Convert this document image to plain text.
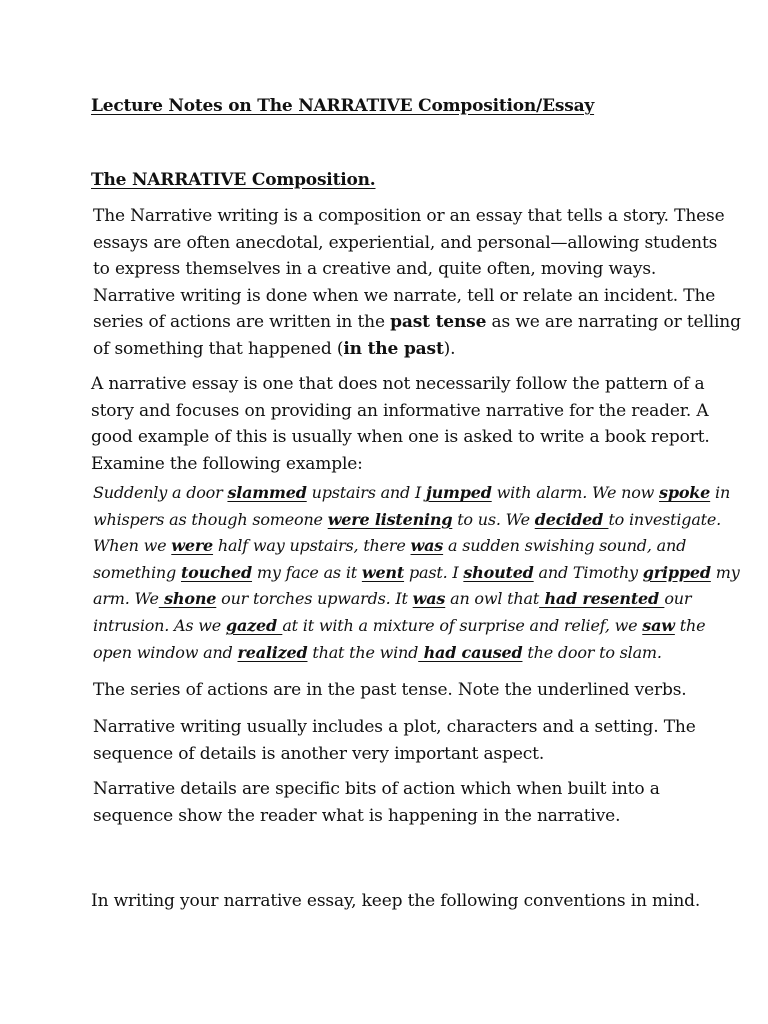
Lecture Notes on The NARRATIVE Composition/Essay
The NARRATIVE Composition.
The Narrative writing is a composition or an essay that tells a story. These
essays are often anecdotal, experiential, and personal—allowing students
to express themselves in a creative and, quite often, moving ways.
Narrative writing is done when we narrate, tell or relate an incident. The
series of actions are written in the past tense as we are narrating or telling
of something that happened (in the past).
A narrative essay is one that does not necessarily follow the pattern of a
story and focuses on providing an informative narrative for the reader. A
good example of this is usually when one is asked to write a book report.
Examine the following example:
Suddenly a door slammed upstairs and I jumped with alarm. We now spoke in
whispers as though someone were listening to us. We decided to investigate.
When we were half way upstairs, there was a sudden swishing sound, and
something touched my face as it went past. I shouted and Timothy gripped my
arm. We shone our torches upwards. It was an owl that had resented our
intrusion. As we gazed at it with a mixture of surprise and relief, we saw the
open window and realized that the wind had caused the door to slam.
The series of actions are in the past tense. Note the underlined verbs.
Narrative writing usually includes a plot, characters and a setting. The
sequence of details is another very important aspect.
Narrative details are specific bits of action which when built into a
sequence show the reader what is happening in the narrative.
In writing your narrative essay, keep the following conventions in mind.
